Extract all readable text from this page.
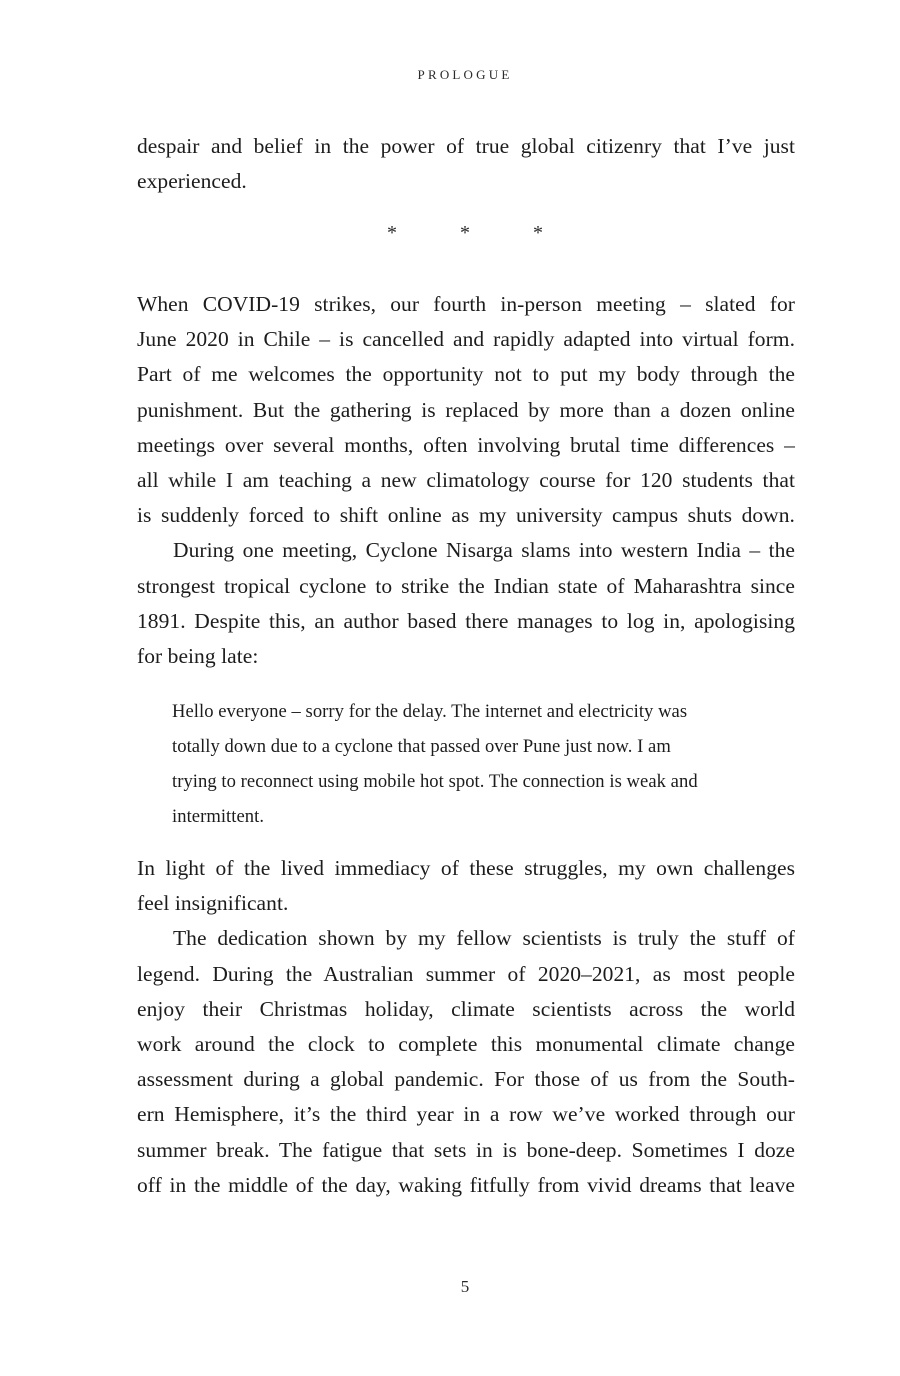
PROLOGUE
despair and belief in the power of true global citizenry that I’ve just
experienced.
*	*	*
When COVID-19 strikes, our fourth in-person meeting – slated for
June 2020 in Chile – is cancelled and rapidly adapted into virtual form.
Part of me welcomes the opportunity not to put my body through the
punishment. But the gathering is replaced by more than a dozen online
meetings over several months, often involving brutal time differences –
all while I am teaching a new climatology course for 120 students that
is suddenly forced to shift online as my university campus shuts down.
During one meeting, Cyclone Nisarga slams into western India – the
strongest tropical cyclone to strike the Indian state of Maharashtra since
1891. Despite this, an author based there manages to log in, apologising
for being late:
Hello everyone – sorry for the delay. The internet and electricity was
totally down due to a cyclone that passed over Pune just now. I am
trying to reconnect using mobile hot spot. The connection is weak and
intermittent.
In light of the lived immediacy of these struggles, my own challenges
feel insignificant.
The dedication shown by my fellow scientists is truly the stuff of
legend. During the Australian summer of 2020–2021, as most people
enjoy their Christmas holiday, climate scientists across the world
work around the clock to complete this monumental climate change
assessment during a global pandemic. For those of us from the South-
ern Hemisphere, it’s the third year in a row we’ve worked through our
summer break. The fatigue that sets in is bone-deep. Sometimes I doze
off in the middle of the day, waking fitfully from vivid dreams that leave
5
